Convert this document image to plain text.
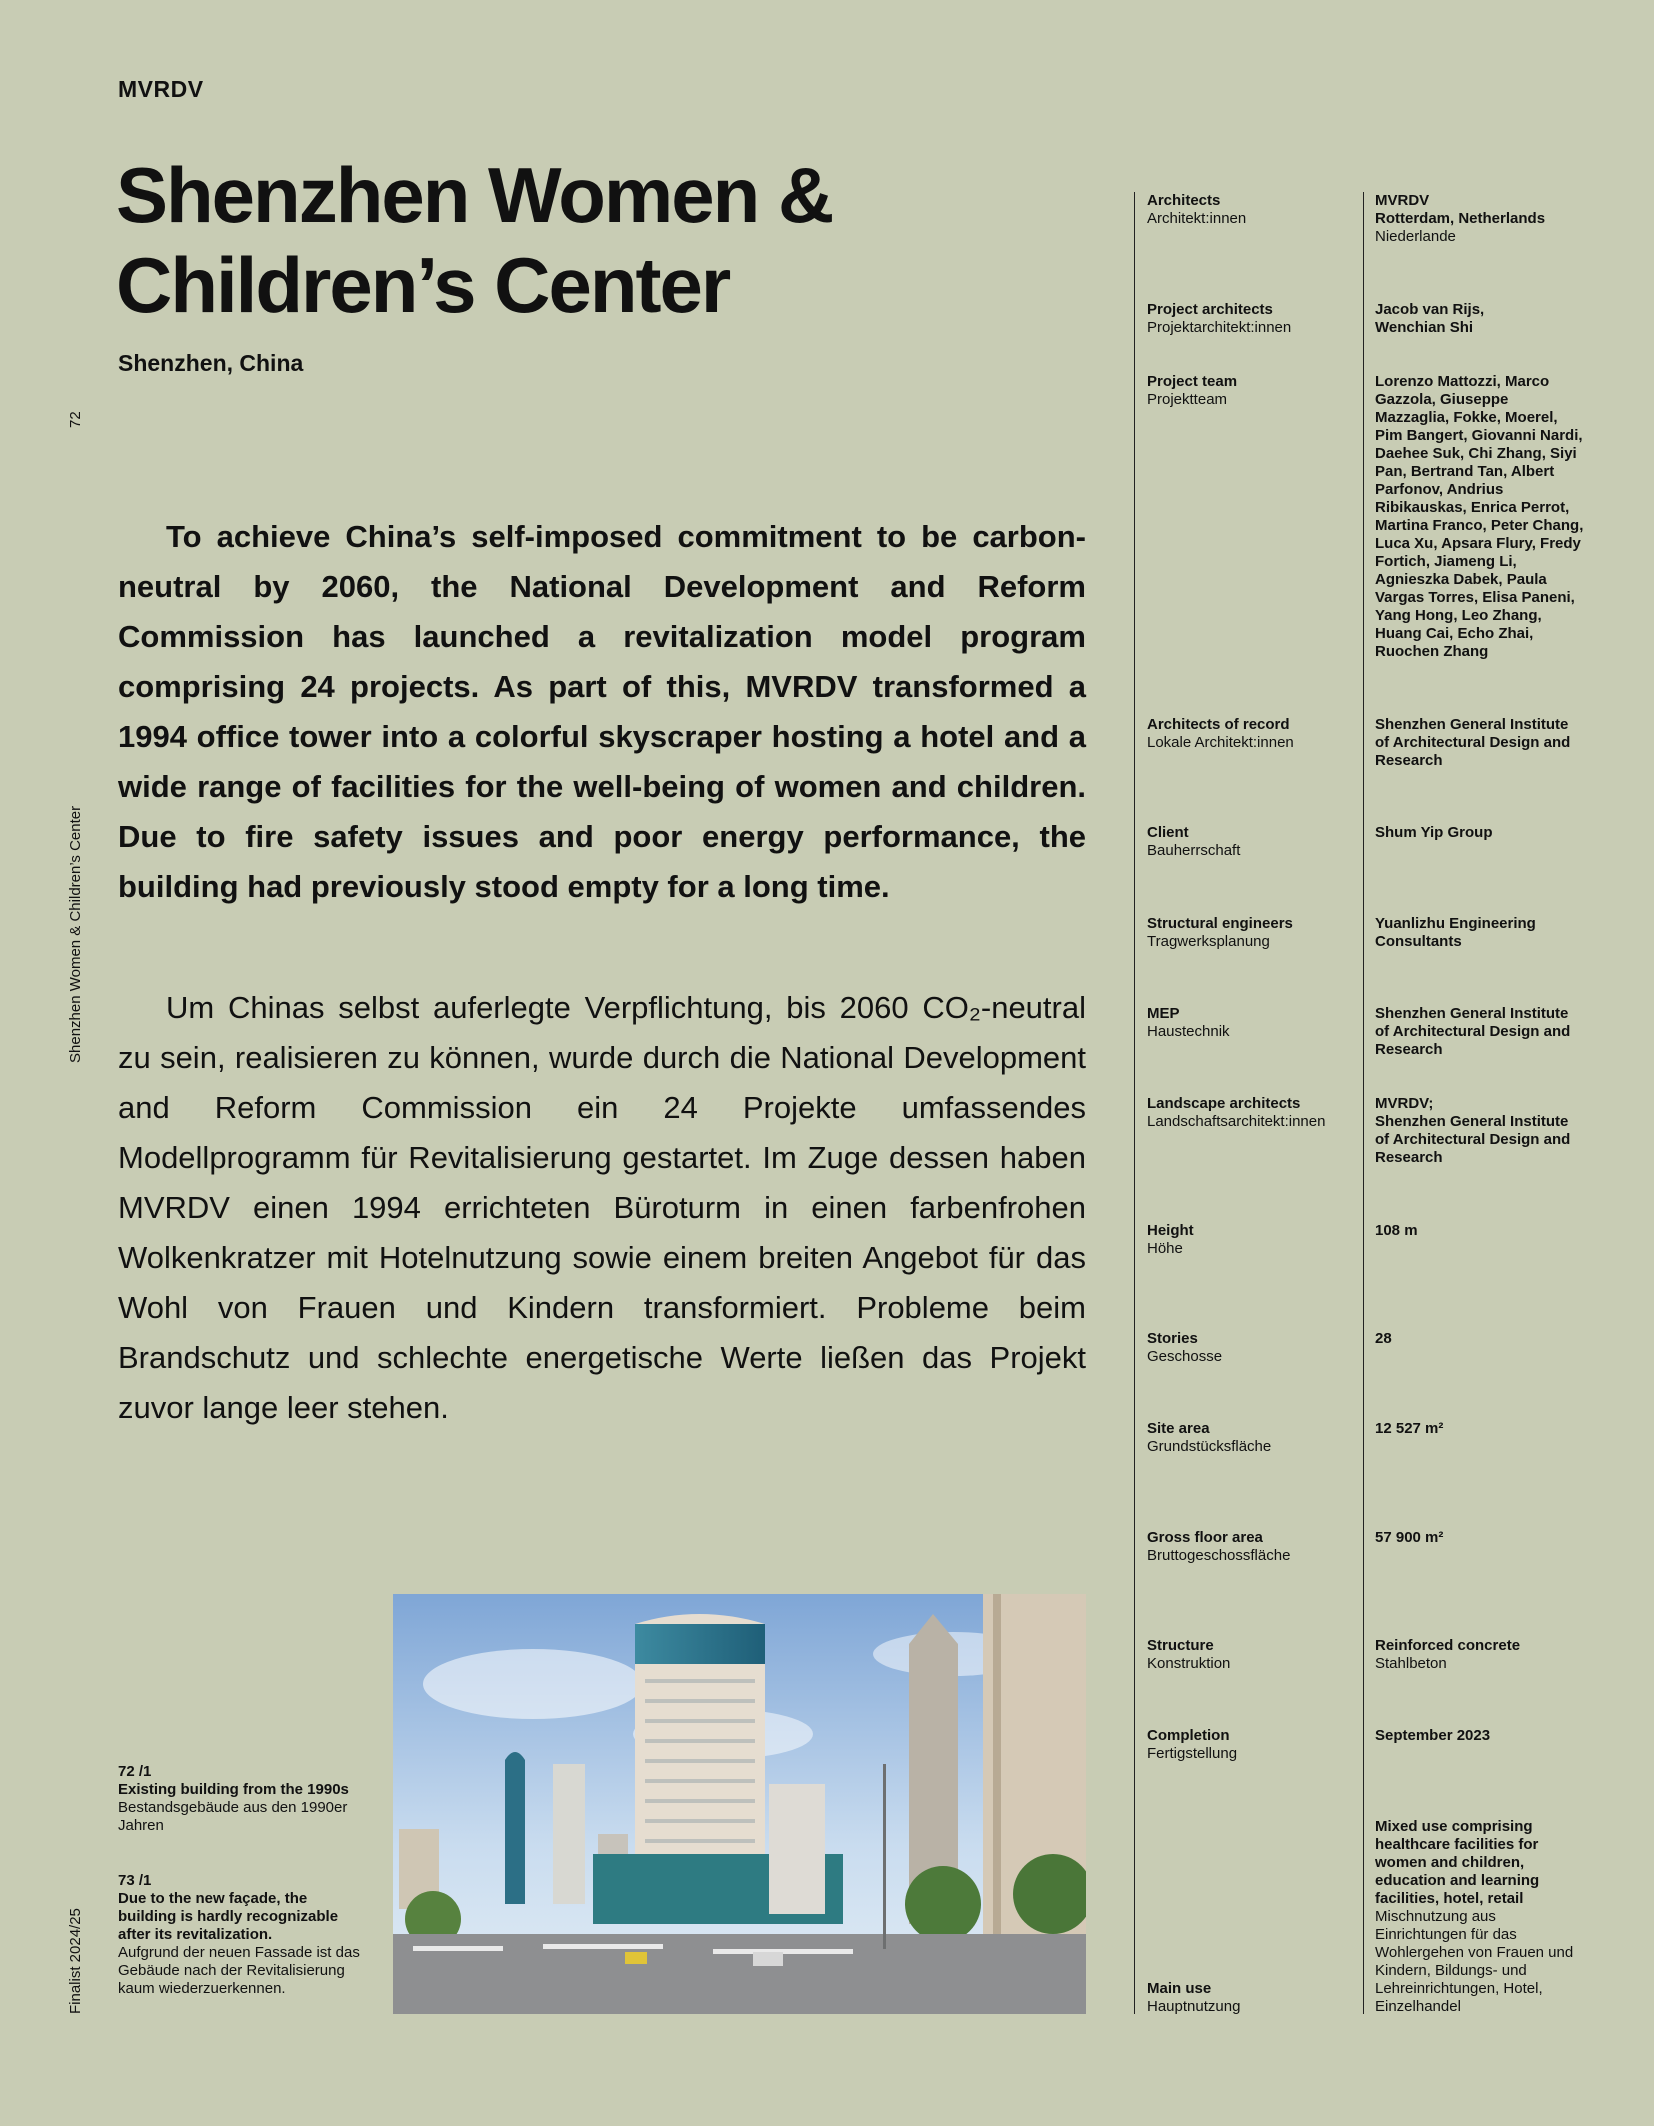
MVRDV
Shenzhen Women &
Children’s Center
Shenzhen, China
72
Shenzhen Women & Children’s Center
Finalist 2024/25

To achieve China’s self-imposed commitment to be carbon-neutral by 2060, the National Development and Reform Commission has launched a revitalization model program comprising 24 projects. As part of this, MVRDV transformed a 1994 office tower into a colorful skyscraper hosting a hotel and a wide range of facilities for the well-being of women and children. Due to fire safety issues and poor energy performance, the building had previously stood empty for a long time.

Um Chinas selbst auferlegte Verpflichtung, bis 2060 CO₂-neutral zu sein, realisieren zu können, wurde durch die National Development and Reform Commission ein 24 Projekte umfassendes Modellprogramm für Revitalisierung gestartet. Im Zuge dessen haben MVRDV einen 1994 errichteten Büroturm in einen farbenfrohen Wolkenkratzer mit Hotelnutzung sowie einem breiten Angebot für das Wohl von Frauen und Kindern transformiert. Probleme beim Brandschutz und schlechte energetische Werte ließen das Projekt zuvor lange leer stehen.

72 /1
Existing building from the 1990s
Bestandsgebäude aus den 1990er Jahren
73 /1
Due to the new façade, the building is hardly recognizable after its revitalization.
Aufgrund der neuen Fassade ist das Gebäude nach der Revitalisierung kaum wiederzuerkennen.
Architects
Architekt:innen
MVRDV
Rotterdam, Netherlands
Niederlande
Project architects
Projektarchitekt:innen
Jacob van Rijs,
Wenchian Shi
Project team
Projektteam
Lorenzo Mattozzi, Marco Gazzola, Giuseppe Mazzaglia, Fokke, Moerel, Pim Bangert, Giovanni Nardi, Daehee Suk, Chi Zhang, Siyi Pan, Bertrand Tan, Albert Parfonov, Andrius Ribikauskas, Enrica Perrot, Martina Franco, Peter Chang, Luca Xu, Apsara Flury, Fredy Fortich, Jiameng Li, Agnieszka Dabek, Paula Vargas Torres, Elisa Paneni, Yang Hong, Leo Zhang, Huang Cai, Echo Zhai, Ruochen Zhang
Architects of record
Lokale Architekt:innen
Shenzhen General Institute of Architectural Design and Research
Client
Bauherrschaft
Shum Yip Group
Structural engineers
Tragwerksplanung
Yuanlizhu Engineering Consultants
MEP
Haustechnik
Shenzhen General Institute of Architectural Design and Research
Landscape architects
Landschaftsarchitekt:innen
MVRDV;
Shenzhen General Institute of Architectural Design and Research
Height
Höhe
108 m
Stories
Geschosse
28
Site area
Grundstücksfläche
12 527 m²
Gross floor area
Bruttogeschossfläche
57 900 m²
Structure
Konstruktion
Reinforced concrete
Stahlbeton
Completion
Fertigstellung
September 2023
Main use
Hauptnutzung
Mixed use comprising healthcare facilities for women and children, education and learning facilities, hotel, retail
Mischnutzung aus Einrichtungen für das Wohlergehen von Frauen und Kindern, Bildungs- und Lehreinrichtungen, Hotel, Einzelhandel
